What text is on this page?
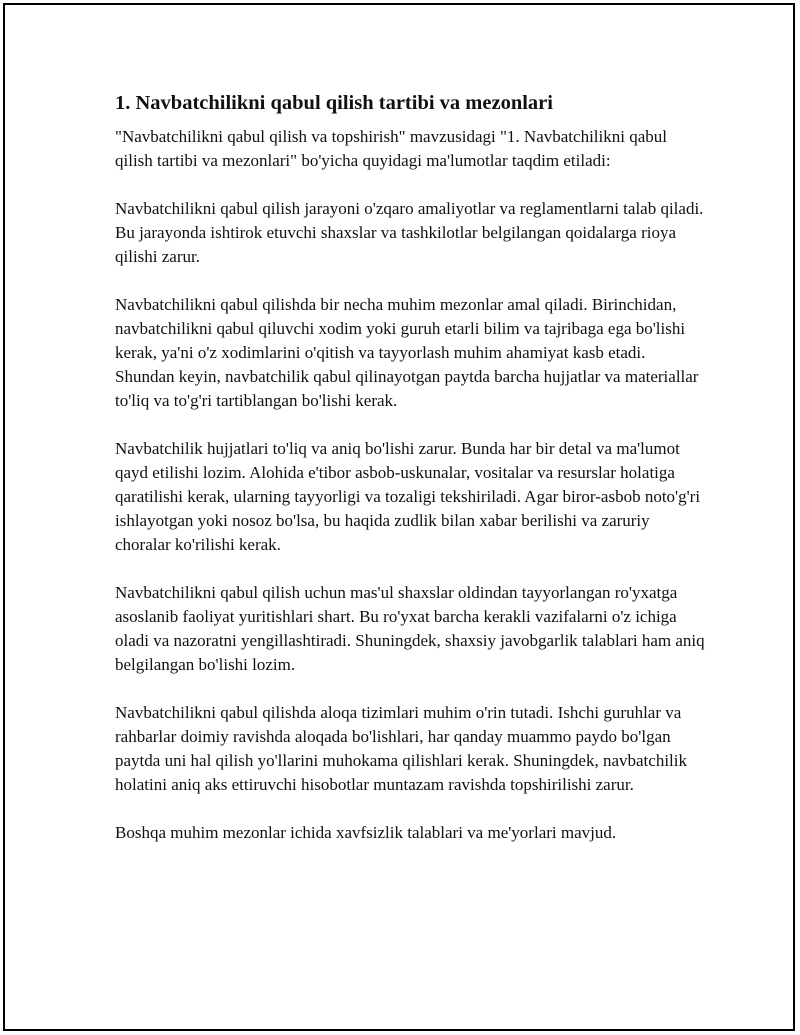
1. Navbatchilikni qabul qilish tartibi va mezonlari

"Navbatchilikni qabul qilish va topshirish" mavzusidagi "1. Navbatchilikni qabul qilish tartibi va mezonlari" bo'yicha quyidagi ma'lumotlar taqdim etiladi:

Navbatchilikni qabul qilish jarayoni o'zqaro amaliyotlar va reglamentlarni talab qiladi. Bu jarayonda ishtirok etuvchi shaxslar va tashkilotlar belgilangan qoidalarga rioya qilishi zarur.

Navbatchilikni qabul qilishda bir necha muhim mezonlar amal qiladi. Birinchidan, navbatchilikni qabul qiluvchi xodim yoki guruh etarli bilim va tajribaga ega bo'lishi kerak, ya'ni o'z xodimlarini o'qitish va tayyorlash muhim ahamiyat kasb etadi. Shundan keyin, navbatchilik qabul qilinayotgan paytda barcha hujjatlar va materiallar to'liq va to'g'ri tartiblangan bo'lishi kerak.

Navbatchilik hujjatlari to'liq va aniq bo'lishi zarur. Bunda har bir detal va ma'lumot qayd etilishi lozim. Alohida e'tibor asbob-uskunalar, vositalar va resurslar holatiga qaratilishi kerak, ularning tayyorligi va tozaligi tekshiriladi. Agar biror-asbob noto'g'ri ishlayotgan yoki nosoz bo'lsa, bu haqida zudlik bilan xabar berilishi va zaruriy choralar ko'rilishi kerak.

Navbatchilikni qabul qilish uchun mas'ul shaxslar oldindan tayyorlangan ro'yxatga asoslanib faoliyat yuritishlari shart. Bu ro'yxat barcha kerakli vazifalarni o'z ichiga oladi va nazoratni yengillashtiradi. Shuningdek, shaxsiy javobgarlik talablari ham aniq belgilangan bo'lishi lozim.

Navbatchilikni qabul qilishda aloqa tizimlari muhim o'rin tutadi. Ishchi guruhlar va rahbarlar doimiy ravishda aloqada bo'lishlari, har qanday muammo paydo bo'lgan paytda uni hal qilish yo'llarini muhokama qilishlari kerak. Shuningdek, navbatchilik holatini aniq aks ettiruvchi hisobotlar muntazam ravishda topshirilishi zarur.

Boshqa muhim mezonlar ichida xavfsizlik talablari va me'yorlari mavjud.
